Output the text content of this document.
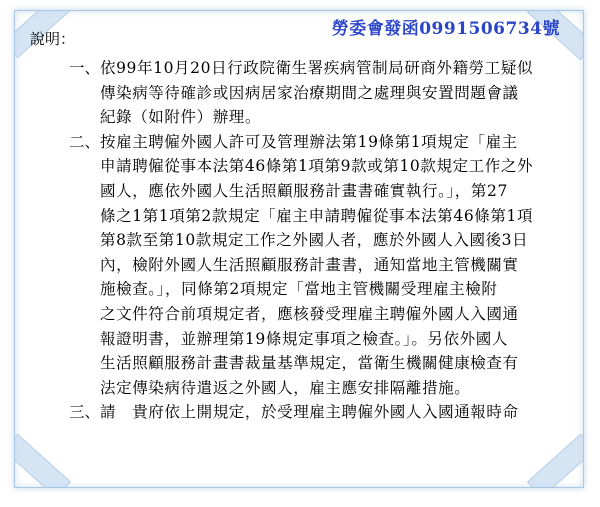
勞委會發函0991506734號
說明：
一、 依99年10月20日行政院衛生署疾病管制局研商外籍勞工疑似
傳染病等待確診或因病居家治療期間之處理與安置問題會議
紀錄（如附件）辦理。
二、 按雇主聘僱外國人許可及管理辦法第19條第1項規定「雇主
申請聘僱從事本法第46條第1項第9款或第10款規定工作之外
國人，應依外國人生活照顧服務計畫書確實執行。」，第27
條之1第1項第2款規定「雇主申請聘僱從事本法第46條第1項
第8款至第10款規定工作之外國人者，應於外國人入國後3日
內，檢附外國人生活照顧服務計畫書，通知當地主管機關實
施檢查。」，同條第2項規定「當地主管機關受理雇主檢附
之文件符合前項規定者，應核發受理雇主聘僱外國人入國通
報證明書，並辦理第19條規定事項之檢查。」。另依外國人
生活照顧服務計畫書裁量基準規定，當衛生機關健康檢查有
法定傳染病待遣返之外國人，雇主應安排隔離措施。
三、 請　貴府依上開規定，於受理雇主聘僱外國人入國通報時命
